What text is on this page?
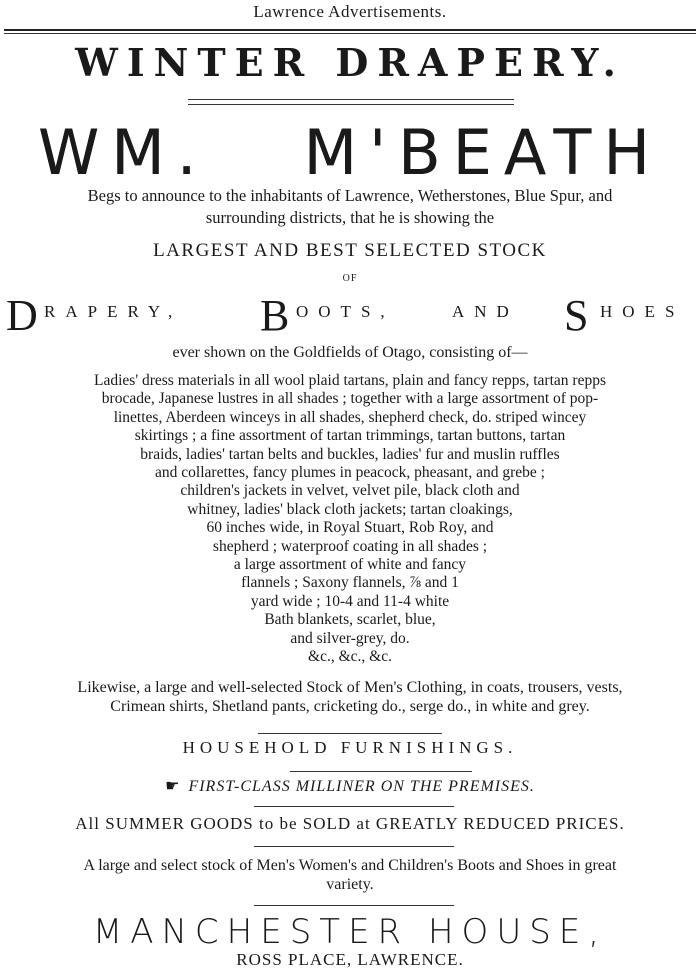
Lawrence Advertisements.
WINTER DRAPERY.
WM. M'BEATH
Begs to announce to the inhabitants of Lawrence, Wetherstones, Blue Spur, and
surrounding districts, that he is showing the
LARGEST AND BEST SELECTED STOCK
OF
D RAPERY, B OOTS,	AND S HOES
ever shown on the Goldfields of Otago, consisting of—
Ladies' dress materials in all wool plaid tartans, plain and fancy repps, tartan repps
brocade, Japanese lustres in all shades ; together with a large assortment of pop-
linettes, Aberdeen winceys in all shades, shepherd check, do. striped wincey
skirtings ; a fine assortment of tartan trimmings, tartan buttons, tartan
braids, ladies' tartan belts and buckles, ladies' fur and muslin ruffles
and collarettes, fancy plumes in peacock, pheasant, and grebe ;
children's jackets in velvet, velvet pile, black cloth and
whitney, ladies' black cloth jackets; tartan cloakings,
60 inches wide, in Royal Stuart, Rob Roy, and
shepherd ; waterproof coating in all shades ;
a large assortment of white and fancy
flannels ; Saxony flannels, ⅞ and 1
yard wide ; 10-4 and 11-4 white
Bath blankets, scarlet, blue,
and silver-grey, do.
&c., &c., &c.
Likewise, a large and well-selected Stock of Men's Clothing, in coats, trousers, vests,
Crimean shirts, Shetland pants, cricketing do., serge do., in white and grey.
HOUSEHOLD FURNISHINGS.
☛ FIRST-CLASS MILLINER ON THE PREMISES.
All SUMMER GOODS to be SOLD at GREATLY REDUCED PRICES.
A large and select stock of Men's Women's and Children's Boots and Shoes in great
variety.
MANCHESTER HOUSE,
ROSS PLACE, LAWRENCE.
